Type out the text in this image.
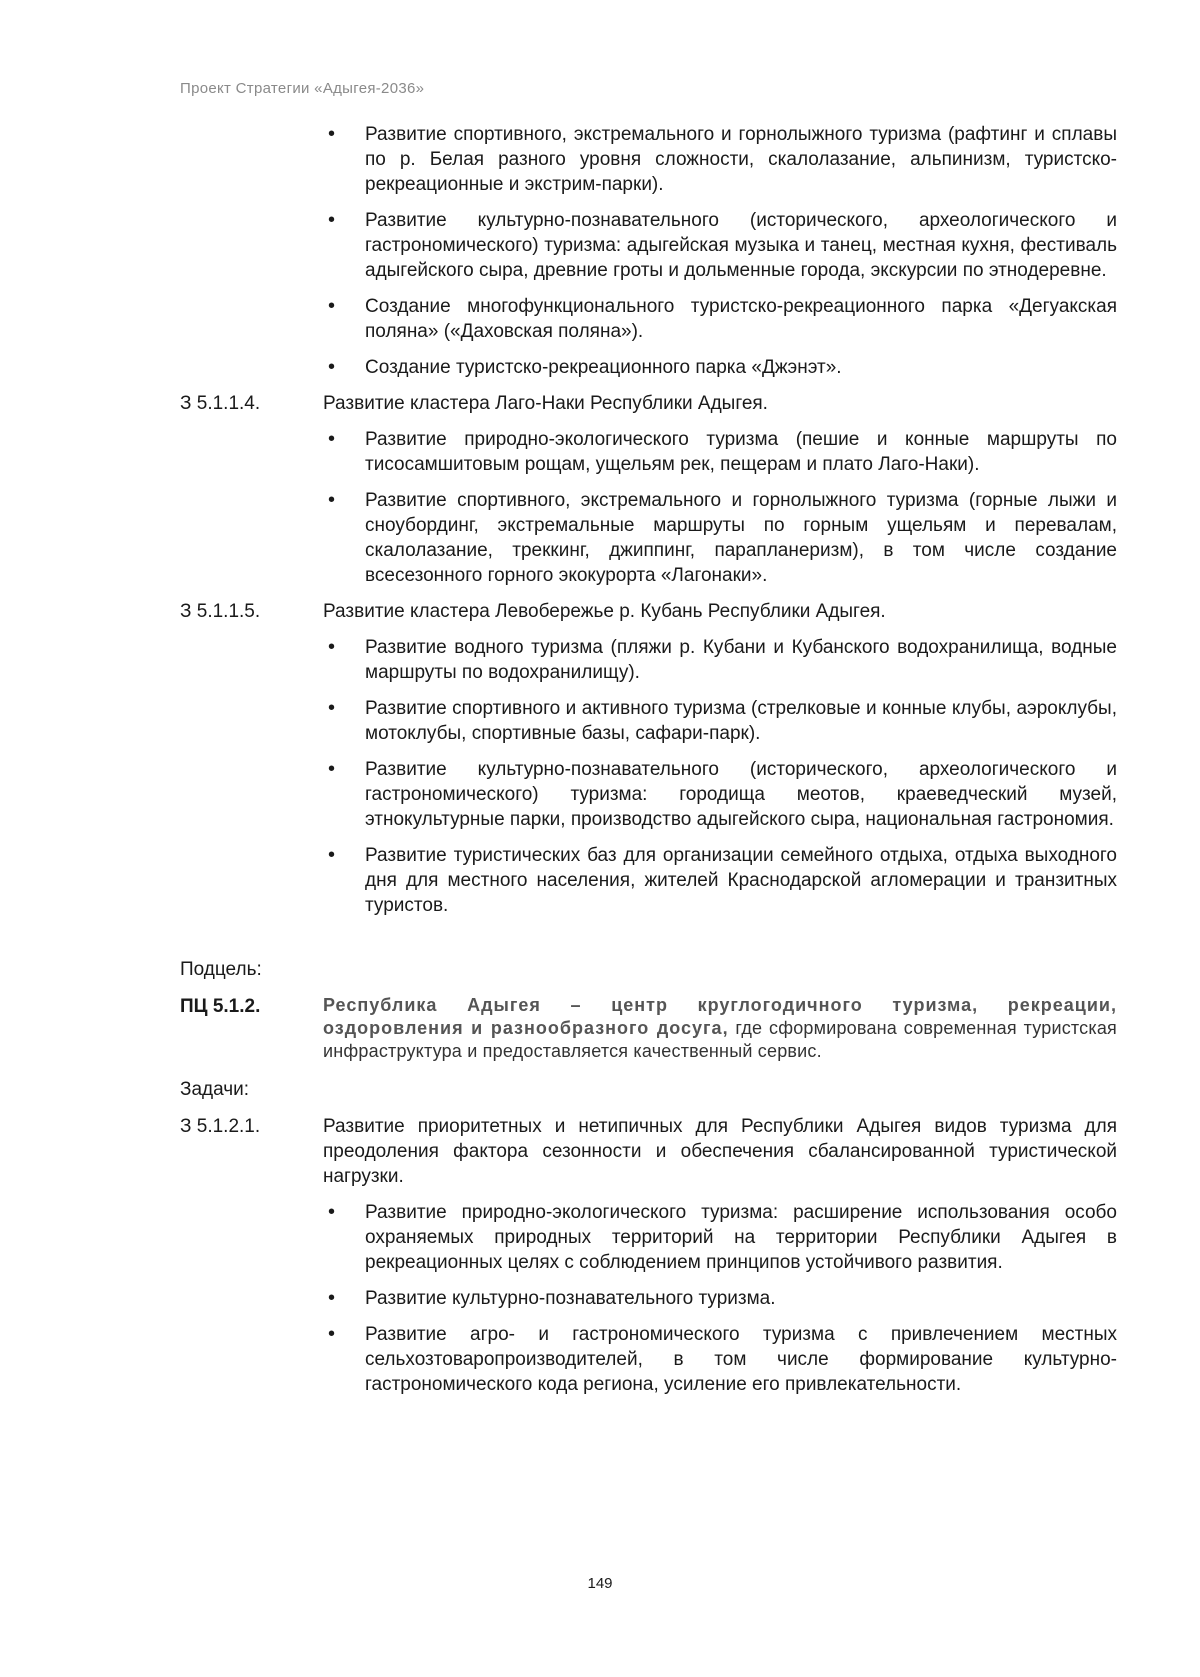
Проект Стратегии «Адыгея-2036»
• Развитие спортивного, экстремального и горнолыжного туризма (рафтинг и сплавы по р. Белая разного уровня сложности, скалолазание, альпинизм, туристско-рекреационные и экстрим-парки).
• Развитие культурно-познавательного (исторического, археологического и гастрономического) туризма: адыгейская музыка и танец, местная кухня, фестиваль адыгейского сыра, древние гроты и дольменные города, экскурсии по этнодеревне.
• Создание многофункционального туристско-рекреационного парка «Дегуакская поляна» («Даховская поляна»).
• Создание туристско-рекреационного парка «Джэнэт».
З 5.1.1.4.	Развитие кластера Лаго-Наки Республики Адыгея.
• Развитие природно-экологического туризма (пешие и конные маршруты по тисосамшитовым рощам, ущельям рек, пещерам и плато Лаго-Наки).
• Развитие спортивного, экстремального и горнолыжного туризма (горные лыжи и сноубординг, экстремальные маршруты по горным ущельям и перевалам, скалолазание, треккинг, джиппинг, парапланеризм), в том числе создание всесезонного горного экокурорта «Лагонаки».
З 5.1.1.5.	Развитие кластера Левобережье р. Кубань Республики Адыгея.
• Развитие водного туризма (пляжи р. Кубани и Кубанского водохранилища, водные маршруты по водохранилищу).
• Развитие спортивного и активного туризма (стрелковые и конные клубы, аэроклубы, мотоклубы, спортивные базы, сафари-парк).
• Развитие культурно-познавательного (исторического, археологического и гастрономического) туризма: городища меотов, краеведческий музей, этнокультурные парки, производство адыгейского сыра, национальная гастрономия.
• Развитие туристических баз для организации семейного отдыха, отдыха выходного дня для местного населения, жителей Краснодарской агломерации и транзитных туристов.
Подцель:
ПЦ 5.1.2.	Республика Адыгея – центр круглогодичного туризма, рекреации, оздоровления и разнообразного досуга, где сформирована современная туристская инфраструктура и предоставляется качественный сервис.
Задачи:
З 5.1.2.1.	Развитие приоритетных и нетипичных для Республики Адыгея видов туризма для преодоления фактора сезонности и обеспечения сбалансированной туристической нагрузки.
• Развитие природно-экологического туризма: расширение использования особо охраняемых природных территорий на территории Республики Адыгея в рекреационных целях с соблюдением принципов устойчивого развития.
• Развитие культурно-познавательного туризма.
• Развитие агро- и гастрономического туризма с привлечением местных сельхозтоваропроизводителей, в том числе формирование культурно-гастрономического кода региона, усиление его привлекательности.
149
